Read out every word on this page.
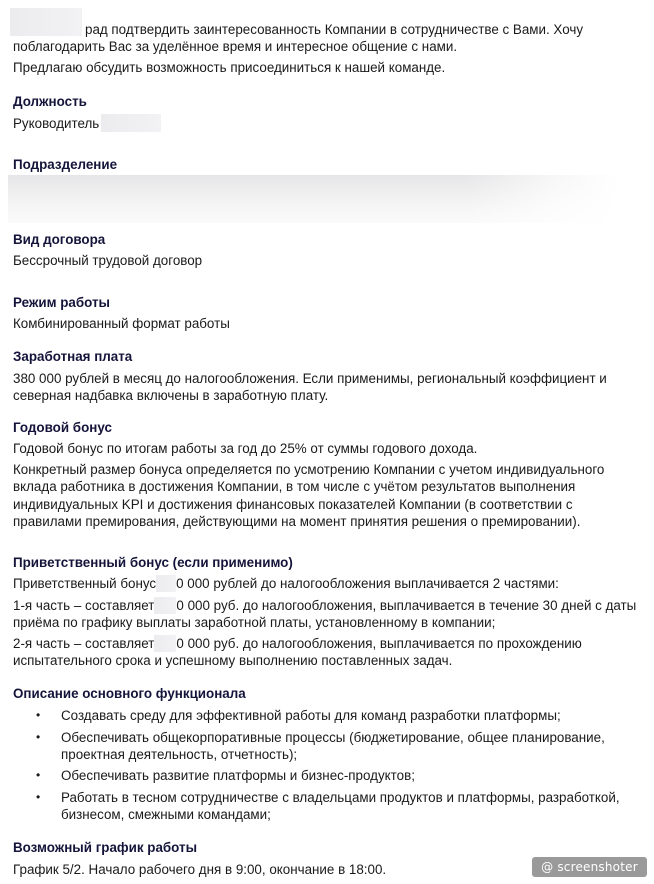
рад подтвердить заинтересованность Компании в сотрудничестве с Вами. Хочу
поблагодарить Вас за уделённое время и интересное общение с нами.
Предлагаю обсудить возможность присоединиться к нашей команде.
Должность
Руководитель
Подразделение
Вид договора
Бессрочный трудовой договор
Режим работы
Комбинированный формат работы
Заработная плата
380 000 рублей в месяц до налогообложения. Если применимы, региональный коэффициент и
северная надбавка включены в заработную плату.
Годовой бонус
Годовой бонус по итогам работы за год до 25% от суммы годового дохода.
Конкретный размер бонуса определяется по усмотрению Компании с учетом индивидуального
вклада работника в достижения Компании, в том числе с учётом результатов выполнения
индивидуальных KPI и достижения финансовых показателей Компании (в соответствии с
правилами премирования, действующими на момент принятия решения о премировании).
Приветственный бонус (если применимо)
Приветственный бонус 0 000 рублей до налогообложения выплачивается 2 частями:
1-я часть – составляет 0 000 руб. до налогообложения, выплачивается в течение 30 дней с даты
приёма по графику выплаты заработной платы, установленному в компании;
2-я часть – составляет 0 000 руб. до налогообложения, выплачивается по прохождению
испытательного срока и успешному выполнению поставленных задач.
Описание основного функционала
• Создавать среду для эффективной работы для команд разработки платформы;
• Обеспечивать общекорпоративные процессы (бюджетирование, общее планирование,
проектная деятельность, отчетность);
• Обеспечивать развитие платформы и бизнес-продуктов;
• Работать в тесном сотрудничестве с владельцами продуктов и платформы, разработкой,
бизнесом, смежными командами;
Возможный график работы
График 5/2. Начало рабочего дня в 9:00, окончание в 18:00.	@ screenshoter
